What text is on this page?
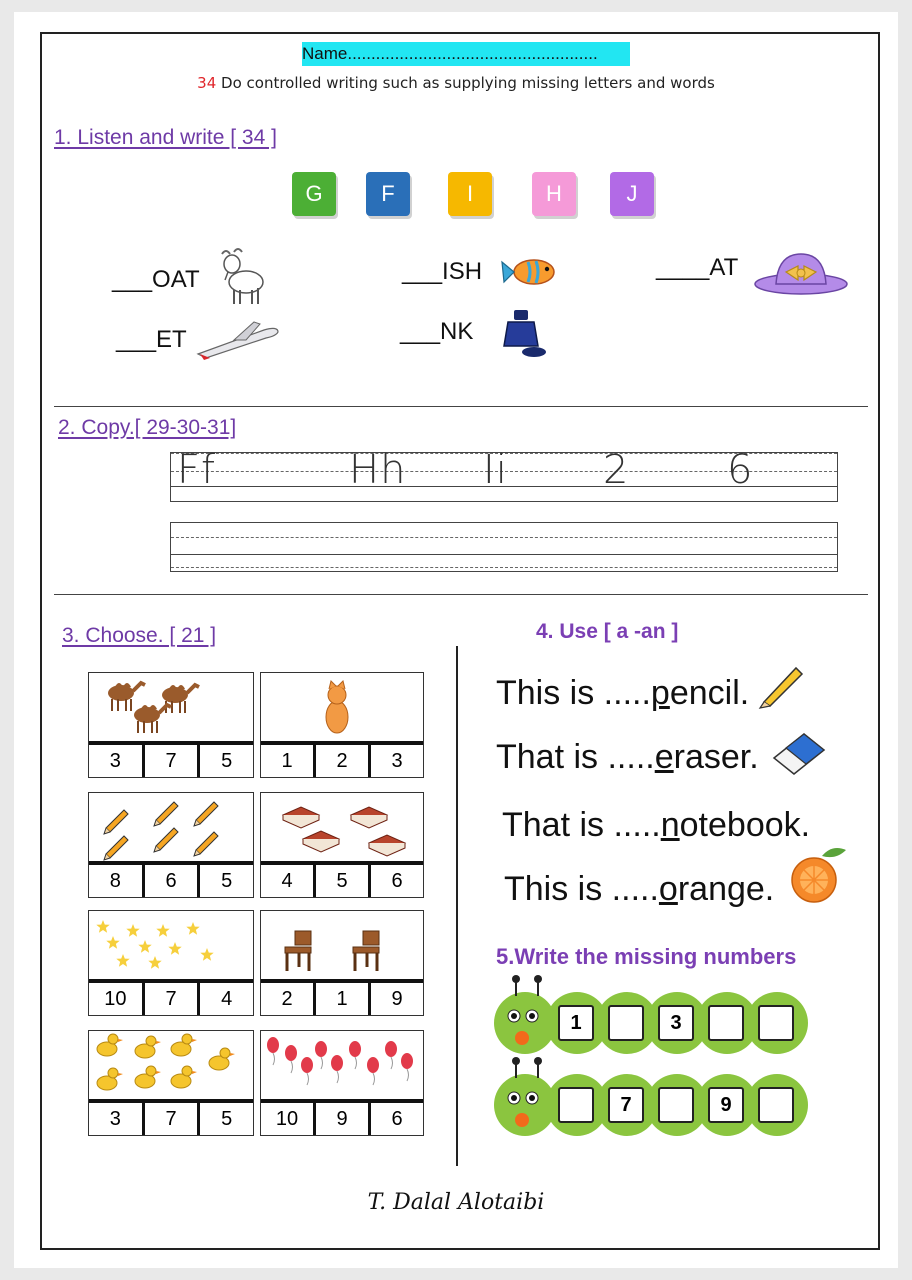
Name.....................................................
34 Do controlled writing such as supplying missing letters and words
1. Listen and write [ 34 ]
G	F	I	H	J
___OAT	___ISH	____AT
___ET	___NK
2. Copy.[ 29-30-31]
Ff	Hh Ii 2 6
3. Choose. [ 21 ]
3	7	5	1	2	3
8	6	5	4	5	6
10	7	4	2	1	9
3	7	5	10	9	6
4. Use [ a -an ]
This is .....pencil.
That is .....eraser.
That is .....notebook.
This is .....orange.
5.Write the missing numbers
1	3
7	9
T. Dalal Alotaibi
